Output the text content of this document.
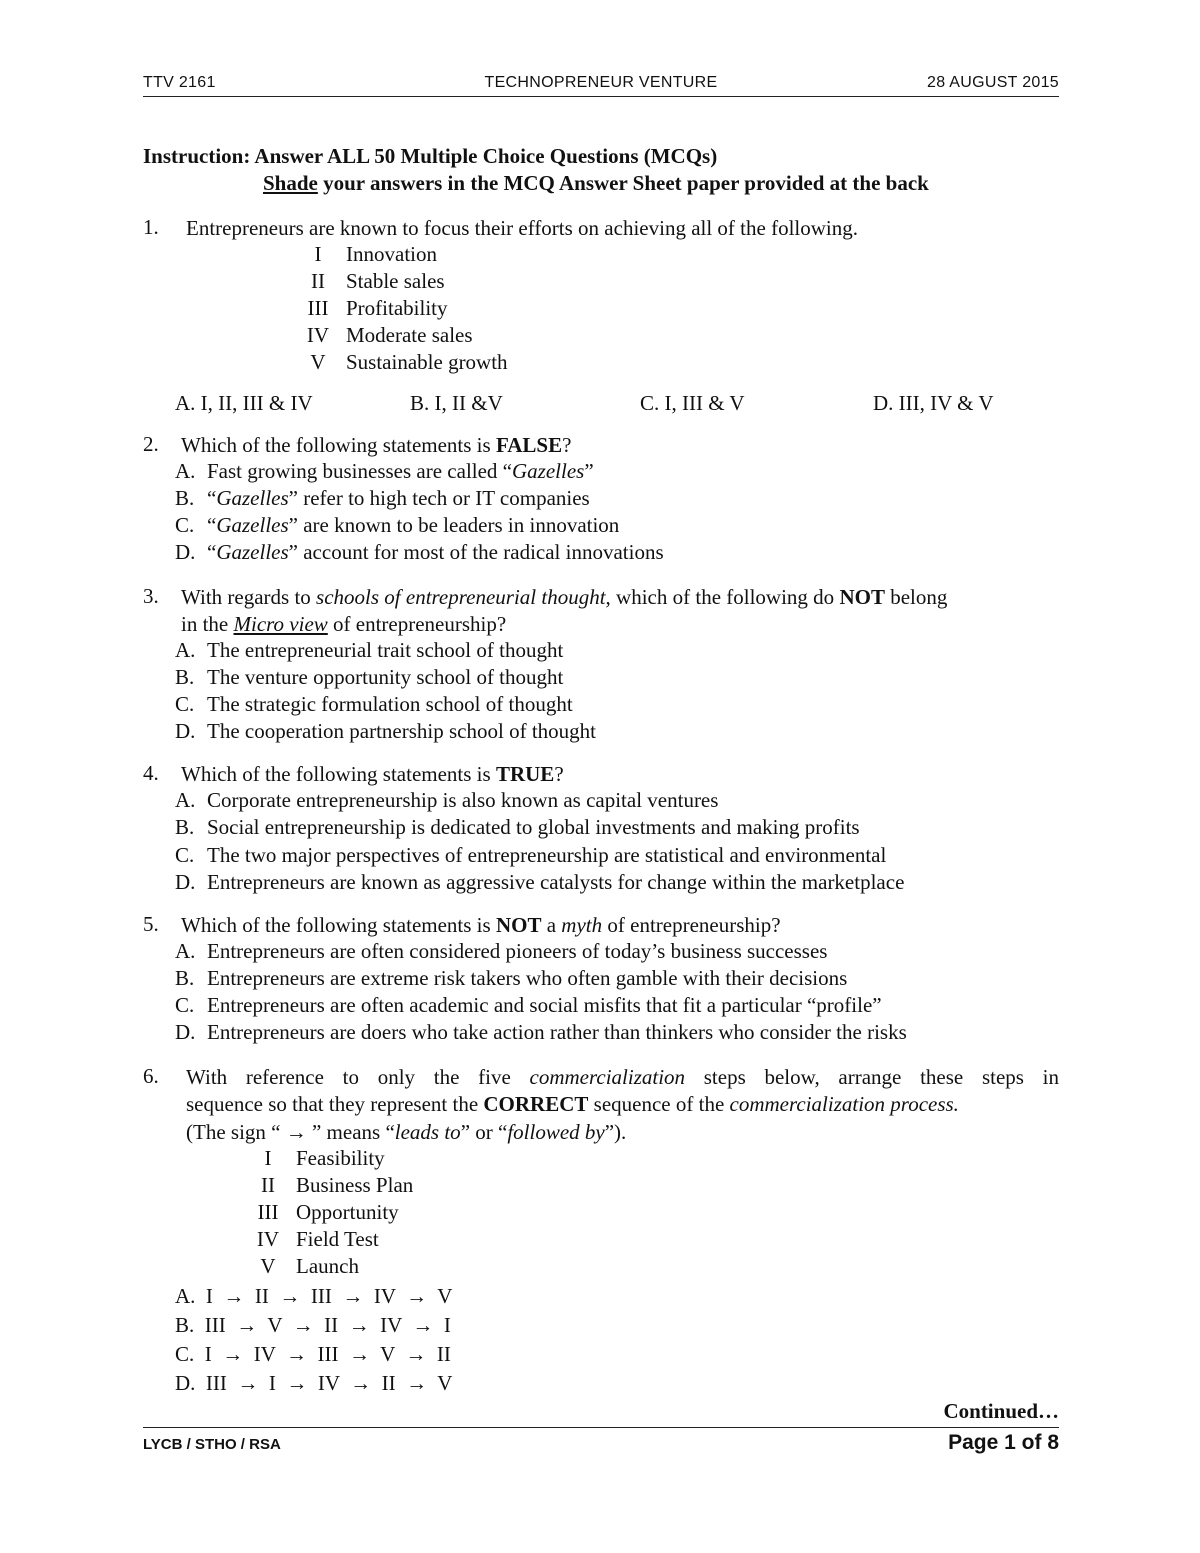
TTV 2161	TECHNOPRENEUR VENTURE	28 AUGUST 2015
Instruction: Answer ALL 50 Multiple Choice Questions (MCQs)
Shade your answers in the MCQ Answer Sheet paper provided at the back
1. Entrepreneurs are known to focus their efforts on achieving all of the following.
I Innovation
II Stable sales
III Profitability
IV Moderate sales
V Sustainable growth
A. I, II, III & IV	B. I, II &V	C. I, III & V	D. III, IV & V
2. Which of the following statements is FALSE?
A. Fast growing businesses are called “Gazelles”
B. “Gazelles” refer to high tech or IT companies
C. “Gazelles” are known to be leaders in innovation
D. “Gazelles” account for most of the radical innovations
3. With regards to schools of entrepreneurial thought, which of the following do NOT belong
in the Micro view of entrepreneurship?
A. The entrepreneurial trait school of thought
B. The venture opportunity school of thought
C. The strategic formulation school of thought
D. The cooperation partnership school of thought
4. Which of the following statements is TRUE?
A. Corporate entrepreneurship is also known as capital ventures
B. Social entrepreneurship is dedicated to global investments and making profits
C. The two major perspectives of entrepreneurship are statistical and environmental
D. Entrepreneurs are known as aggressive catalysts for change within the marketplace
5. Which of the following statements is NOT a myth of entrepreneurship?
A. Entrepreneurs are often considered pioneers of today’s business successes
B. Entrepreneurs are extreme risk takers who often gamble with their decisions
C. Entrepreneurs are often academic and social misfits that fit a particular “profile”
D. Entrepreneurs are doers who take action rather than thinkers who consider the risks
6. With reference to only the five commercialization steps below, arrange these steps in
sequence so that they represent the CORRECT sequence of the commercialization process.
(The sign “ → ” means “leads to” or “followed by”).
I Feasibility
II Business Plan
III Opportunity
IV Field Test
V Launch
A.  I  →  II  →  III  →  IV  →  V
B.  III  →  V  →  II  →  IV  →  I
C.  I  →  IV  →  III  →  V  →  II
D.  III  →  I  →  IV  →  II  →  V
Continued…
LYCB / STHO / RSA	Page 1 of 8
